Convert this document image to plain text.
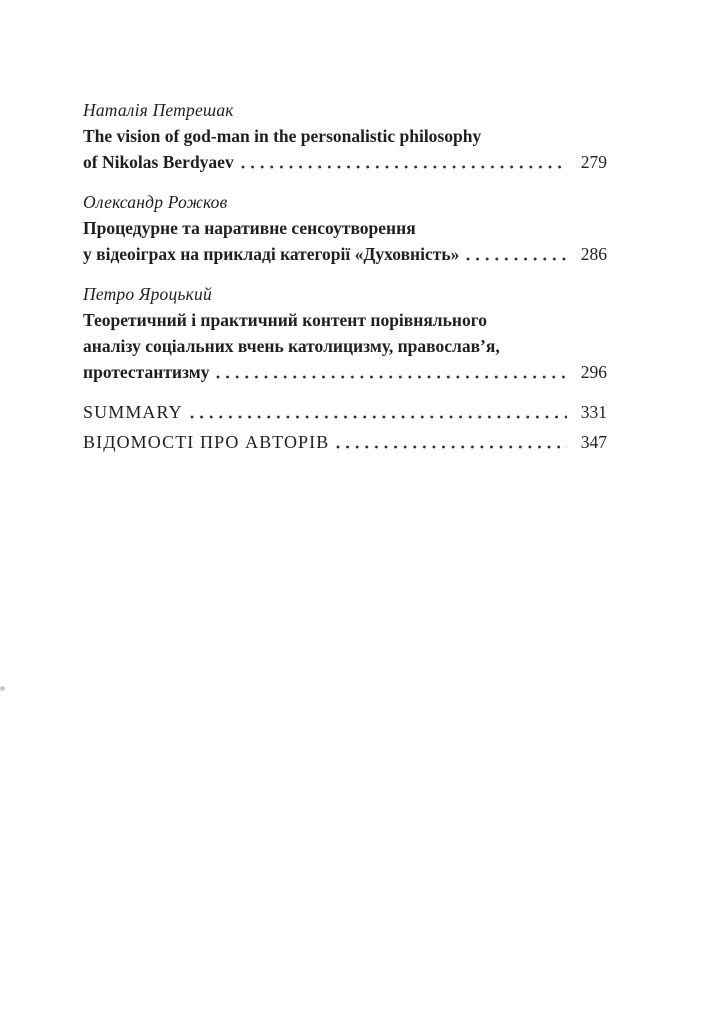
Наталія Петрешак

The vision of god-man in the personalistic philosophy

of Nikolas Berdyaev	279

Олександр Рожков

Процедурне та наративне сенсоутворення

у відеоіграх на прикладі категорії «Духовність»	286

Петро Яроцький

Теоретичний і практичний контент порівняльного

аналізу соціальних вчень католицизму, православ’я,

протестантизму	296

SUMMARY	331

ВІДОМОСТІ ПРО АВТОРІВ	347
